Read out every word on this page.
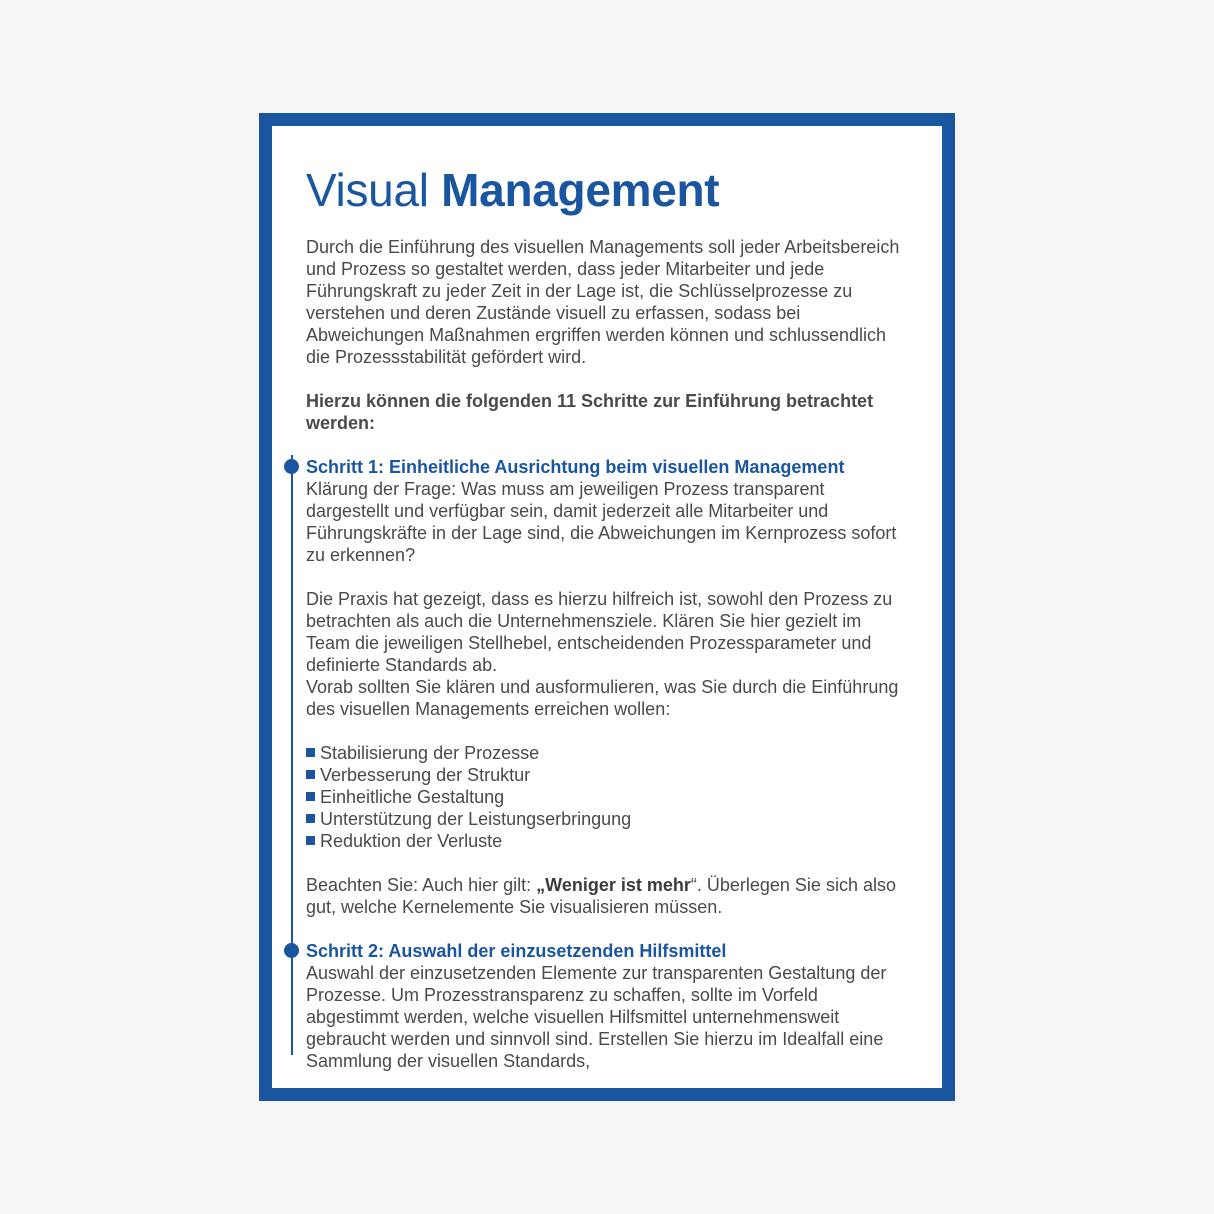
Visual Management

Durch die Einführung des visuellen Managements soll jeder Arbeitsbereich und Prozess so gestaltet werden, dass jeder Mitarbeiter und jede Führungskraft zu jeder Zeit in der Lage ist, die Schlüsselprozesse zu verstehen und deren Zustände visuell zu erfassen, sodass bei Abweichungen Maßnahmen ergriffen werden können und schlussendlich die Prozessstabilität gefördert wird.

Hierzu können die folgenden 11 Schritte zur Einführung betrachtet werden:

Schritt 1: Einheitliche Ausrichtung beim visuellen Management

Klärung der Frage: Was muss am jeweiligen Prozess transparent dargestellt und verfügbar sein, damit jederzeit alle Mitarbeiter und Führungskräfte in der Lage sind, die Abweichungen im Kernprozess sofort zu erkennen?

Die Praxis hat gezeigt, dass es hierzu hilfreich ist, sowohl den Prozess zu betrachten als auch die Unternehmensziele. Klären Sie hier gezielt im Team die jeweiligen Stellhebel, entscheidenden Prozessparameter und definierte Standards ab.

Vorab sollten Sie klären und ausformulieren, was Sie durch die Einführung des visuellen Managements erreichen wollen:

Stabilisierung der Prozesse
Verbesserung der Struktur
Einheitliche Gestaltung
Unterstützung der Leistungserbringung
Reduktion der Verluste

Beachten Sie: Auch hier gilt: „Weniger ist mehr“. Überlegen Sie sich also gut, welche Kernelemente Sie visualisieren müssen.

Schritt 2: Auswahl der einzusetzenden Hilfsmittel

Auswahl der einzusetzenden Elemente zur transparenten Gestaltung der Prozesse. Um Prozesstransparenz zu schaffen, sollte im Vorfeld abgestimmt werden, welche visuellen Hilfsmittel unternehmensweit gebraucht werden und sinnvoll sind. Erstellen Sie hierzu im Idealfall eine Sammlung der visuellen Standards,
